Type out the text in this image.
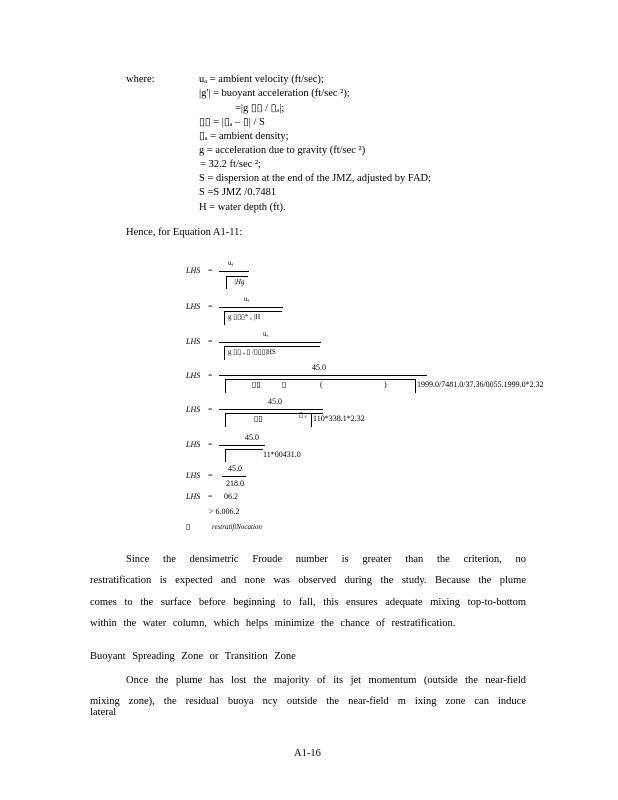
where:	uₐ = ambient velocity (ft/sec);
|g'| = buoyant acceleration (ft/sec ²);
=|g ▯▯ / ▯ₐ|;
▯▯ = |▯ₐ – ▯| / S
▯ₐ = ambient density;
g = acceleration due to gravity (ft/sec ²)
= 32.2 ft/sec ²;
S = dispersion at the end of the JMZ, adjusted by FAD;
S =S JMZ /0.7481
H = water depth (ft).
Hence, for Equation A1-11:
LHS =
uₐ
|Hg
LHS =
uₐ
g ▯▯▯* ₐ |H
LHS =
uₐ
g ▯▯ ₐ ▯ /▯▯▯|HS
LHS =
45.0
▯▯	▯	(	)	1999.0/7481.0/37.36/0055.1999.0*2.32
LHS =
45.0
▯▯	▯ ₐ 110*338.1*2.32
LHS =
45.0
11*00431.0
LHS =
45.0
218.0
LHS = 06.2
> 6.006.2
▯	restratifiNocation
Since the densimetric Froude number is greater than the criterion, no
restratification is expected and none was observed during the study. Because the plume
comes to the surface before beginning to fall, this ensures adequate mixing top-to-bottom
within the water column, which helps minimize the chance of restratification.
Buoyant Spreading Zone or Transition Zone
Once the plume has lost the majority of its jet momentum (outside the near-field
mixing zone), the residual buoya ncy outside the near-field m ixing zone can induce lateral
A1-16
